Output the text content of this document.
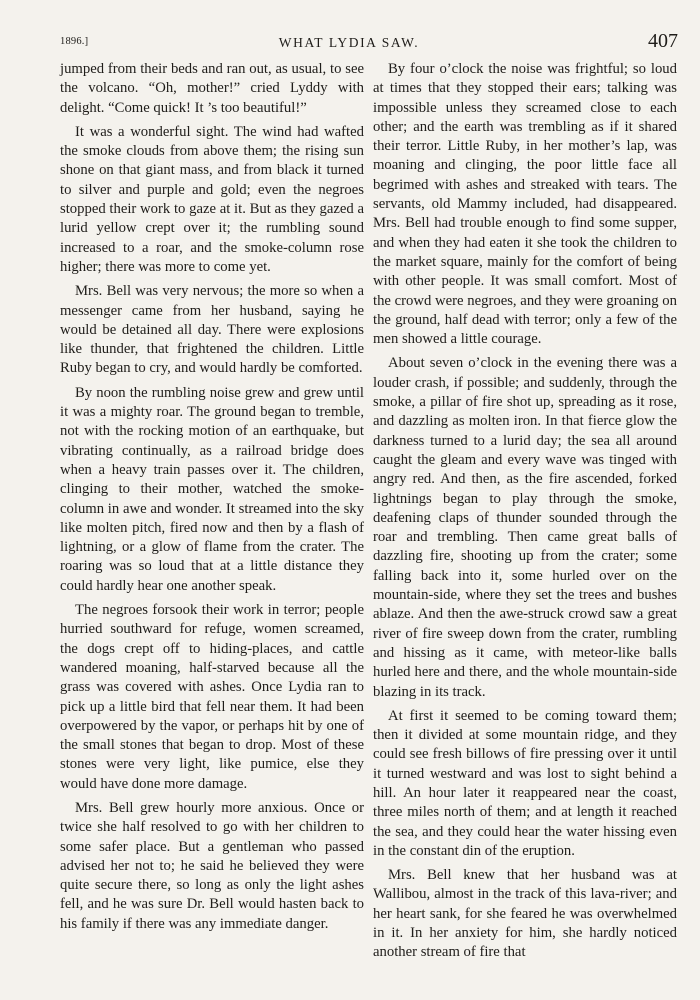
1896.]	WHAT LYDIA SAW.	407

jumped from their beds and ran out, as usual, to see the volcano. “Oh, mother!” cried Lyddy with delight. “Come quick! It ’s too beautiful!”

It was a wonderful sight. The wind had wafted the smoke clouds from above them; the rising sun shone on that giant mass, and from black it turned to silver and purple and gold; even the negroes stopped their work to gaze at it. But as they gazed a lurid yellow crept over it; the rumbling sound increased to a roar, and the smoke-column rose higher; there was more to come yet.

Mrs. Bell was very nervous; the more so when a messenger came from her husband, saying he would be detained all day. There were explosions like thunder, that frightened the children. Little Ruby began to cry, and would hardly be comforted.

By noon the rumbling noise grew and grew until it was a mighty roar. The ground began to tremble, not with the rocking motion of an earthquake, but vibrating continually, as a railroad bridge does when a heavy train passes over it. The children, clinging to their mother, watched the smoke-column in awe and wonder. It streamed into the sky like molten pitch, fired now and then by a flash of lightning, or a glow of flame from the crater. The roaring was so loud that at a little distance they could hardly hear one another speak.

The negroes forsook their work in terror; people hurried southward for refuge, women screamed, the dogs crept off to hiding-places, and cattle wandered moaning, half-starved because all the grass was covered with ashes. Once Lydia ran to pick up a little bird that fell near them. It had been overpowered by the vapor, or perhaps hit by one of the small stones that began to drop. Most of these stones were very light, like pumice, else they would have done more damage.

Mrs. Bell grew hourly more anxious. Once or twice she half resolved to go with her children to some safer place. But a gentleman who passed advised her not to; he said he believed they were quite secure there, so long as only the light ashes fell, and he was sure Dr. Bell would hasten back to his family if there was any immediate danger.

By four o’clock the noise was frightful; so loud at times that they stopped their ears; talking was impossible unless they screamed close to each other; and the earth was trembling as if it shared their terror. Little Ruby, in her mother’s lap, was moaning and clinging, the poor little face all begrimed with ashes and streaked with tears. The servants, old Mammy included, had disappeared. Mrs. Bell had trouble enough to find some supper, and when they had eaten it she took the children to the market square, mainly for the comfort of being with other people. It was small comfort. Most of the crowd were negroes, and they were groaning on the ground, half dead with terror; only a few of the men showed a little courage.

About seven o’clock in the evening there was a louder crash, if possible; and suddenly, through the smoke, a pillar of fire shot up, spreading as it rose, and dazzling as molten iron. In that fierce glow the darkness turned to a lurid day; the sea all around caught the gleam and every wave was tinged with angry red. And then, as the fire ascended, forked lightnings began to play through the smoke, deafening claps of thunder sounded through the roar and trembling. Then came great balls of dazzling fire, shooting up from the crater; some falling back into it, some hurled over on the mountain-side, where they set the trees and bushes ablaze. And then the awe-struck crowd saw a great river of fire sweep down from the crater, rumbling and hissing as it came, with meteor-like balls hurled here and there, and the whole mountain-side blazing in its track.

At first it seemed to be coming toward them; then it divided at some mountain ridge, and they could see fresh billows of fire pressing over it until it turned westward and was lost to sight behind a hill. An hour later it reappeared near the coast, three miles north of them; and at length it reached the sea, and they could hear the water hissing even in the constant din of the eruption.

Mrs. Bell knew that her husband was at Wallibou, almost in the track of this lava-river; and her heart sank, for she feared he was overwhelmed in it. In her anxiety for him, she hardly noticed another stream of fire that
